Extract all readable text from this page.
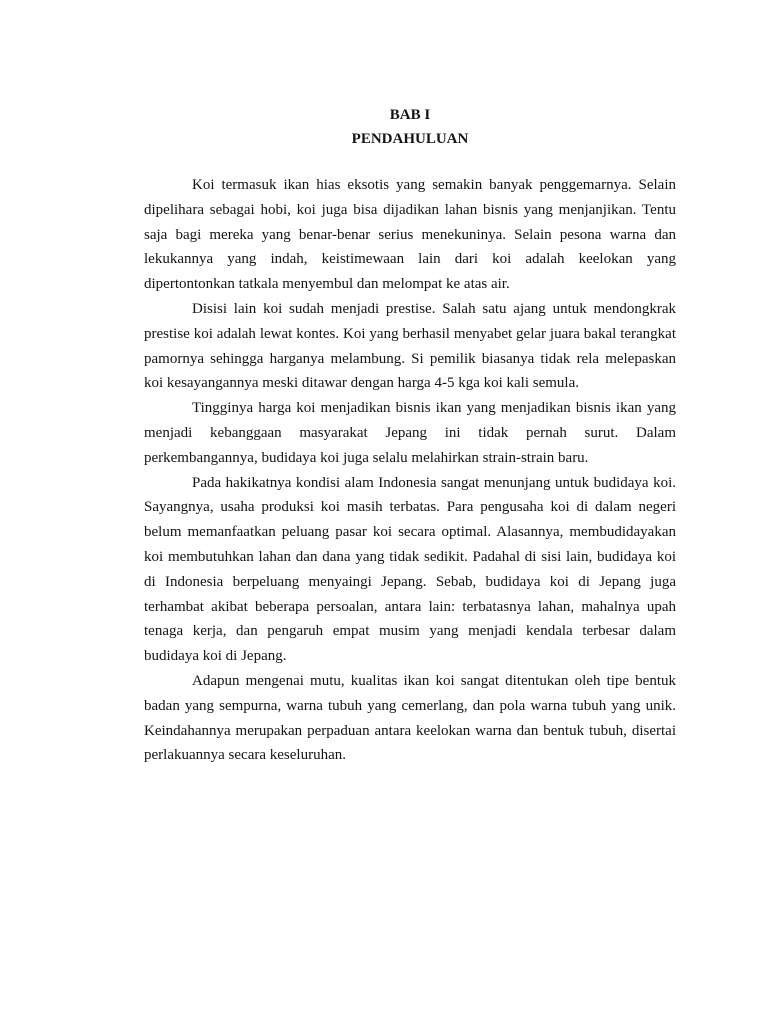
BAB I

PENDAHULUAN

Koi termasuk ikan hias eksotis yang semakin banyak penggemarnya. Selain dipelihara sebagai hobi, koi juga bisa dijadikan lahan bisnis yang menjanjikan. Tentu saja bagi mereka yang benar-benar serius menekuninya. Selain pesona warna dan lekukannya yang indah, keistimewaan lain dari koi adalah keelokan yang dipertontonkan tatkala menyembul dan melompat ke atas air.

Disisi lain koi sudah menjadi prestise. Salah satu ajang untuk mendongkrak prestise koi adalah lewat kontes. Koi yang berhasil menyabet gelar juara bakal terangkat pamornya sehingga harganya melambung. Si pemilik biasanya tidak rela melepaskan koi kesayangannya meski ditawar dengan harga 4-5 kga koi kali semula.

Tingginya harga koi menjadikan bisnis ikan yang menjadikan bisnis ikan yang menjadi kebanggaan masyarakat Jepang ini tidak pernah surut. Dalam perkembangannya, budidaya koi juga selalu melahirkan strain-strain baru.

Pada hakikatnya kondisi alam Indonesia sangat menunjang untuk budidaya koi. Sayangnya, usaha produksi koi masih terbatas. Para pengusaha koi di dalam negeri belum memanfaatkan peluang pasar koi secara optimal. Alasannya, membudidayakan koi membutuhkan lahan dan dana yang tidak sedikit. Padahal di sisi lain, budidaya koi di Indonesia berpeluang menyaingi Jepang. Sebab, budidaya koi di Jepang juga terhambat akibat beberapa persoalan, antara lain: terbatasnya lahan, mahalnya upah tenaga kerja, dan pengaruh empat musim yang menjadi kendala terbesar dalam budidaya koi di Jepang.

Adapun mengenai mutu, kualitas ikan koi sangat ditentukan oleh tipe bentuk badan yang sempurna, warna tubuh yang cemerlang, dan pola warna tubuh yang unik. Keindahannya merupakan perpaduan antara keelokan warna dan bentuk tubuh, disertai perlakuannya secara keseluruhan.
